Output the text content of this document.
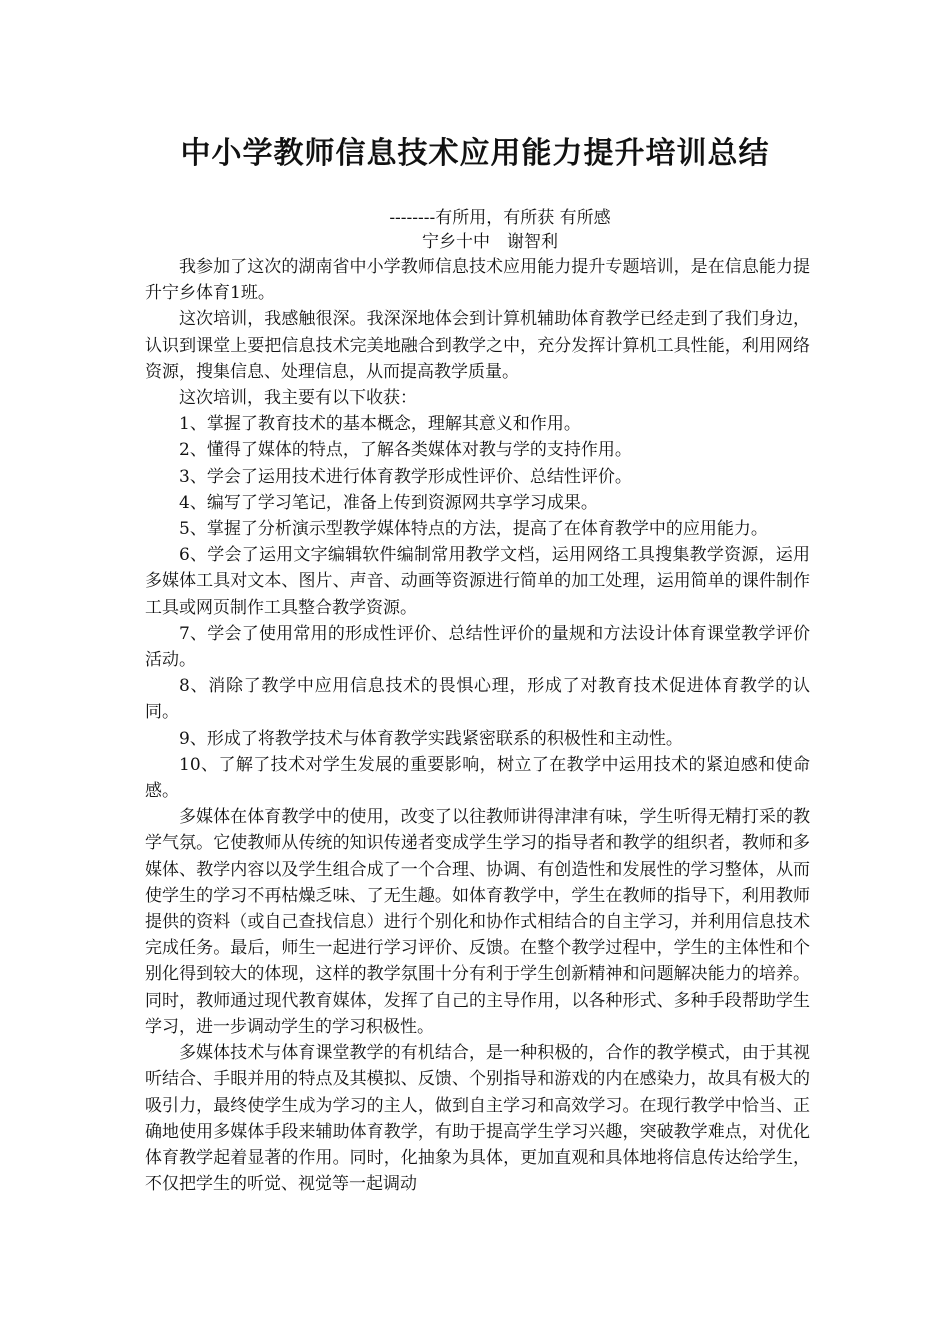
中小学教师信息技术应用能力提升培训总结
--------有所用，有所获 有所感
宁乡十中　谢智利

我参加了这次的湖南省中小学教师信息技术应用能力提升专题培训，是在信息能力提升宁乡体育1班。

这次培训，我感触很深。我深深地体会到计算机辅助体育教学已经走到了我们身边，认识到课堂上要把信息技术完美地融合到教学之中，充分发挥计算机工具性能，利用网络资源，搜集信息、处理信息，从而提高教学质量。

这次培训，我主要有以下收获：

1、掌握了教育技术的基本概念，理解其意义和作用。

2、懂得了媒体的特点，了解各类媒体对教与学的支持作用。

3、学会了运用技术进行体育教学形成性评价、总结性评价。

4、编写了学习笔记，准备上传到资源网共享学习成果。

5、掌握了分析演示型教学媒体特点的方法，提高了在体育教学中的应用能力。

6、学会了运用文字编辑软件编制常用教学文档，运用网络工具搜集教学资源，运用多媒体工具对文本、图片、声音、动画等资源进行简单的加工处理，运用简单的课件制作工具或网页制作工具整合教学资源。

7、学会了使用常用的形成性评价、总结性评价的量规和方法设计体育课堂教学评价活动。

8、消除了教学中应用信息技术的畏惧心理，形成了对教育技术促进体育教学的认同。

9、形成了将教学技术与体育教学实践紧密联系的积极性和主动性。

10、了解了技术对学生发展的重要影响，树立了在教学中运用技术的紧迫感和使命感。

多媒体在体育教学中的使用，改变了以往教师讲得津津有味，学生听得无精打采的教学气氛。它使教师从传统的知识传递者变成学生学习的指导者和教学的组织者，教师和多媒体、教学内容以及学生组合成了一个合理、协调、有创造性和发展性的学习整体，从而使学生的学习不再枯燥乏味、了无生趣。如体育教学中，学生在教师的指导下，利用教师提供的资料（或自己查找信息）进行个别化和协作式相结合的自主学习，并利用信息技术完成任务。最后，师生一起进行学习评价、反馈。在整个教学过程中，学生的主体性和个别化得到较大的体现，这样的教学氛围十分有利于学生创新精神和问题解决能力的培养。同时，教师通过现代教育媒体，发挥了自己的主导作用，以各种形式、多种手段帮助学生学习，进一步调动学生的学习积极性。

多媒体技术与体育课堂教学的有机结合，是一种积极的，合作的教学模式，由于其视听结合、手眼并用的特点及其模拟、反馈、个别指导和游戏的内在感染力，故具有极大的吸引力，最终使学生成为学习的主人，做到自主学习和高效学习。在现行教学中恰当、正确地使用多媒体手段来辅助体育教学，有助于提高学生学习兴趣，突破教学难点，对优化体育教学起着显著的作用。同时，化抽象为具体，更加直观和具体地将信息传达给学生，不仅把学生的听觉、视觉等一起调动
